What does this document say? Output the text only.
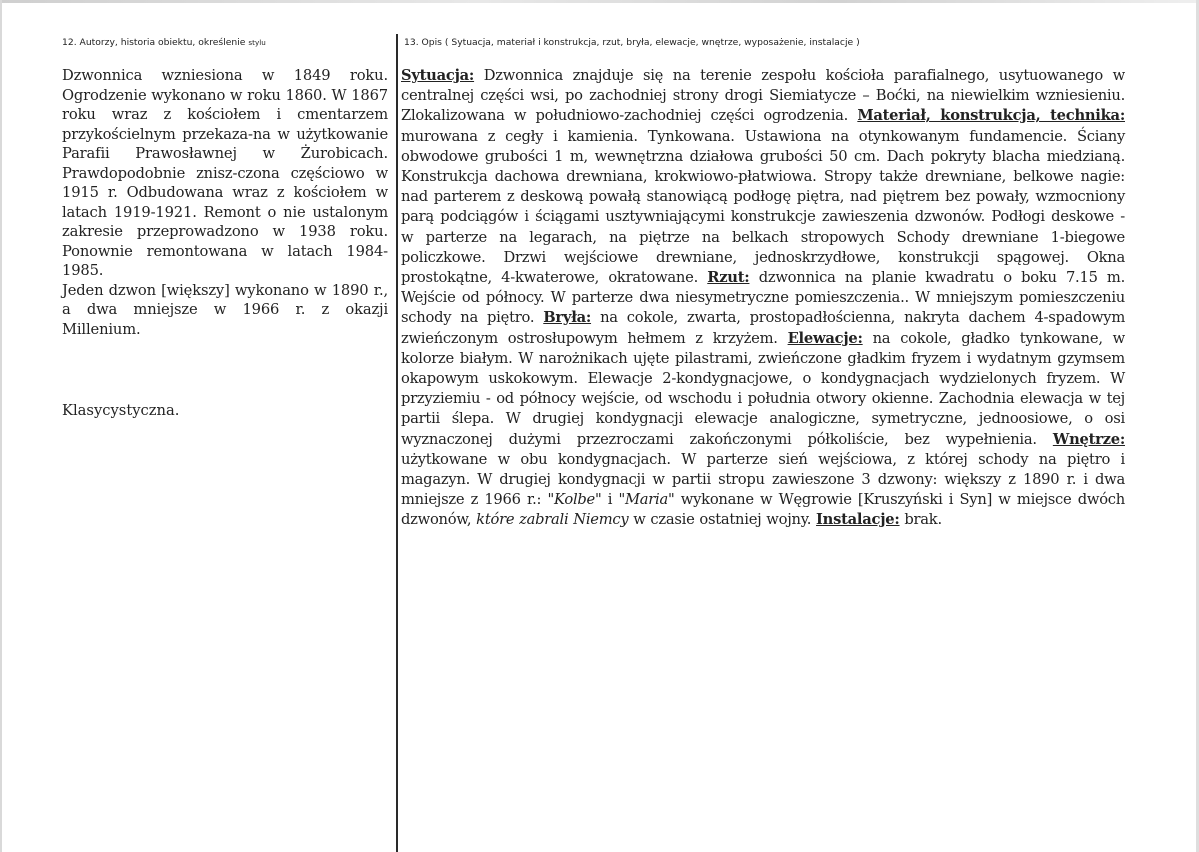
12. Autorzy, historia obiektu, określenie stylu	13. Opis ( Sytuacja, materiał i konstrukcja, rzut, bryła, elewacje, wnętrze, wyposażenie, instalacje )

Dzwonnica wzniesiona w 1849 roku. Ogrodzenie wykonano w roku 1860. W 1867 roku wraz z kościołem i cmentarzem przykościelnym przekaza-na w użytkowanie Parafii Prawosławnej w Żurobicach. Prawdopodobnie znisz-czona częściowo w 1915 r. Odbudowana wraz z kościołem w latach 1919-1921. Remont o nie ustalonym zakresie przeprowadzono w 1938 roku. Ponownie remontowana w latach 1984-1985.

Jeden dzwon [większy] wykonano w 1890 r., a dwa mniejsze w 1966 r. z okazji Millenium.

Klasycystyczna.

Sytuacja: Dzwonnica znajduje się na terenie zespołu kościoła parafialnego, usytuowanego w centralnej części wsi, po zachodniej strony drogi Siemiatycze – Boćki, na niewielkim wzniesieniu. Zlokalizowana w południowo-zachodniej części ogrodzenia. Materiał, konstrukcja, technika: murowana z cegły i kamienia. Tynkowana. Ustawiona na otynkowanym fundamencie. Ściany obwodowe grubości 1 m, wewnętrzna działowa grubości 50 cm. Dach pokryty blacha miedzianą. Konstrukcja dachowa drewniana, krokwiowo-płatwiowa. Stropy także drewniane, belkowe nagie: nad parterem z deskową powałą stanowiącą podłogę piętra, nad piętrem bez powały, wzmocniony parą podciągów i ściągami usztywniającymi konstrukcje zawieszenia dzwonów. Podłogi deskowe - w parterze na legarach, na piętrze na belkach stropowych Schody drewniane 1-biegowe policzkowe. Drzwi wejściowe drewniane, jednoskrzydłowe, konstrukcji spągowej. Okna prostokątne, 4-kwaterowe, okratowane. Rzut: dzwonnica na planie kwadratu o boku 7.15 m. Wejście od północy. W parterze dwa niesymetryczne pomieszczenia.. W mniejszym pomieszczeniu schody na piętro. Bryła: na cokole, zwarta, prostopadłościenna, nakryta dachem 4-spadowym zwieńczonym ostrosłupowym hełmem z krzyżem. Elewacje: na cokole, gładko tynkowane, w kolorze białym. W narożnikach ujęte pilastrami, zwieńczone gładkim fryzem i wydatnym gzymsem okapowym uskokowym. Elewacje 2-kondygnacjowe, o kondygnacjach wydzielonych fryzem. W przyziemiu - od północy wejście, od wschodu i południa otwory okienne. Zachodnia elewacja w tej partii ślepa. W drugiej kondygnacji elewacje analogiczne, symetryczne, jednoosiowe, o osi wyznaczonej dużymi przezroczami zakończonymi półkoliście, bez wypełnienia. Wnętrze: użytkowane w obu kondygnacjach. W parterze sień wejściowa, z której schody na piętro i magazyn. W drugiej kondygnacji w partii stropu zawieszone 3 dzwony: większy z 1890 r. i dwa mniejsze z 1966 r.: "Kolbe" i "Maria" wykonane w Węgrowie [Kruszyński i Syn] w miejsce dwóch dzwonów, które zabrali Niemcy w czasie ostatniej wojny. Instalacje: brak.
